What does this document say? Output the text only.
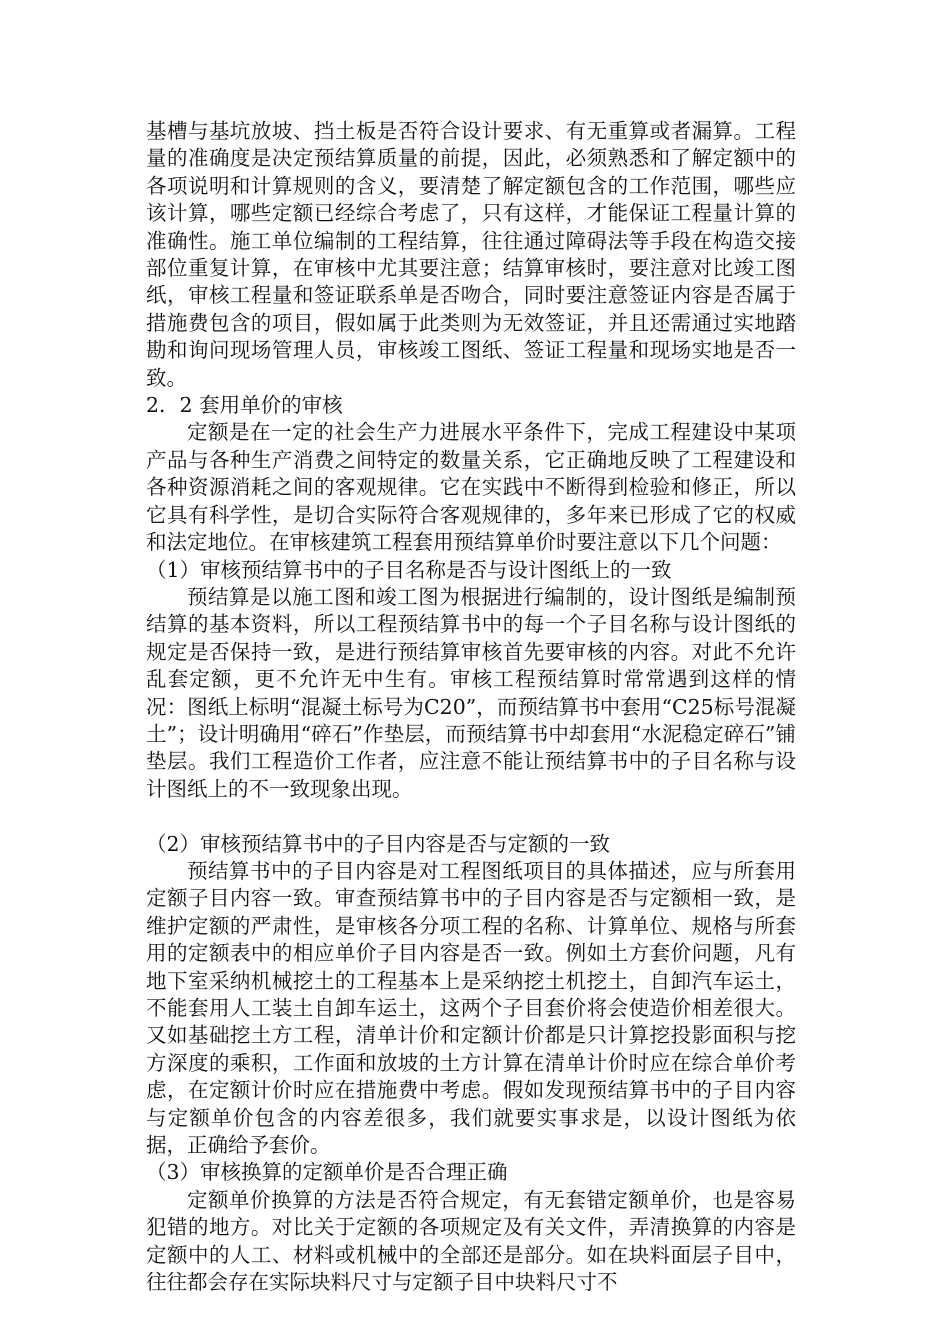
基槽与基坑放坡、挡土板是否符合设计要求、有无重算或者漏算。工程量的准确度是决定预结算质量的前提，因此，必须熟悉和了解定额中的各项说明和计算规则的含义，要清楚了解定额包含的工作范围，哪些应该计算，哪些定额已经综合考虑了，只有这样，才能保证工程量计算的准确性。施工单位编制的工程结算，往往通过障碍法等手段在构造交接部位重复计算，在审核中尤其要注意；结算审核时，要注意对比竣工图纸，审核工程量和签证联系单是否吻合，同时要注意签证内容是否属于措施费包含的项目，假如属于此类则为无效签证，并且还需通过实地踏勘和询问现场管理人员，审核竣工图纸、签证工程量和现场实地是否一致。

2．2 套用单价的审核

定额是在一定的社会生产力进展水平条件下，完成工程建设中某项产品与各种生产消费之间特定的数量关系，它正确地反映了工程建设和各种资源消耗之间的客观规律。它在实践中不断得到检验和修正，所以它具有科学性，是切合实际符合客观规律的，多年来已形成了它的权威和法定地位。在审核建筑工程套用预结算单价时要注意以下几个问题：

（1）审核预结算书中的子目名称是否与设计图纸上的一致

预结算是以施工图和竣工图为根据进行编制的，设计图纸是编制预结算的基本资料，所以工程预结算书中的每一个子目名称与设计图纸的规定是否保持一致，是进行预结算审核首先要审核的内容。对此不允许乱套定额，更不允许无中生有。审核工程预结算时常常遇到这样的情况：图纸上标明“混凝土标号为C20”，而预结算书中套用“C25标号混凝土”；设计明确用“碎石”作垫层，而预结算书中却套用“水泥稳定碎石”铺垫层。我们工程造价工作者，应注意不能让预结算书中的子目名称与设计图纸上的不一致现象出现。

（2）审核预结算书中的子目内容是否与定额的一致

预结算书中的子目内容是对工程图纸项目的具体描述，应与所套用定额子目内容一致。审查预结算书中的子目内容是否与定额相一致，是维护定额的严肃性，是审核各分项工程的名称、计算单位、规格与所套用的定额表中的相应单价子目内容是否一致。例如土方套价问题，凡有地下室采纳机械挖土的工程基本上是采纳挖土机挖土，自卸汽车运土，不能套用人工装土自卸车运土，这两个子目套价将会使造价相差很大。又如基础挖土方工程，清单计价和定额计价都是只计算挖投影面积与挖方深度的乘积，工作面和放坡的土方计算在清单计价时应在综合单价考虑，在定额计价时应在措施费中考虑。假如发现预结算书中的子目内容与定额单价包含的内容差很多，我们就要实事求是，以设计图纸为依据，正确给予套价。

（3）审核换算的定额单价是否合理正确

定额单价换算的方法是否符合规定，有无套错定额单价，也是容易犯错的地方。对比关于定额的各项规定及有关文件，弄清换算的内容是定额中的人工、材料或机械中的全部还是部分。如在块料面层子目中，往往都会存在实际块料尺寸与定额子目中块料尺寸不
